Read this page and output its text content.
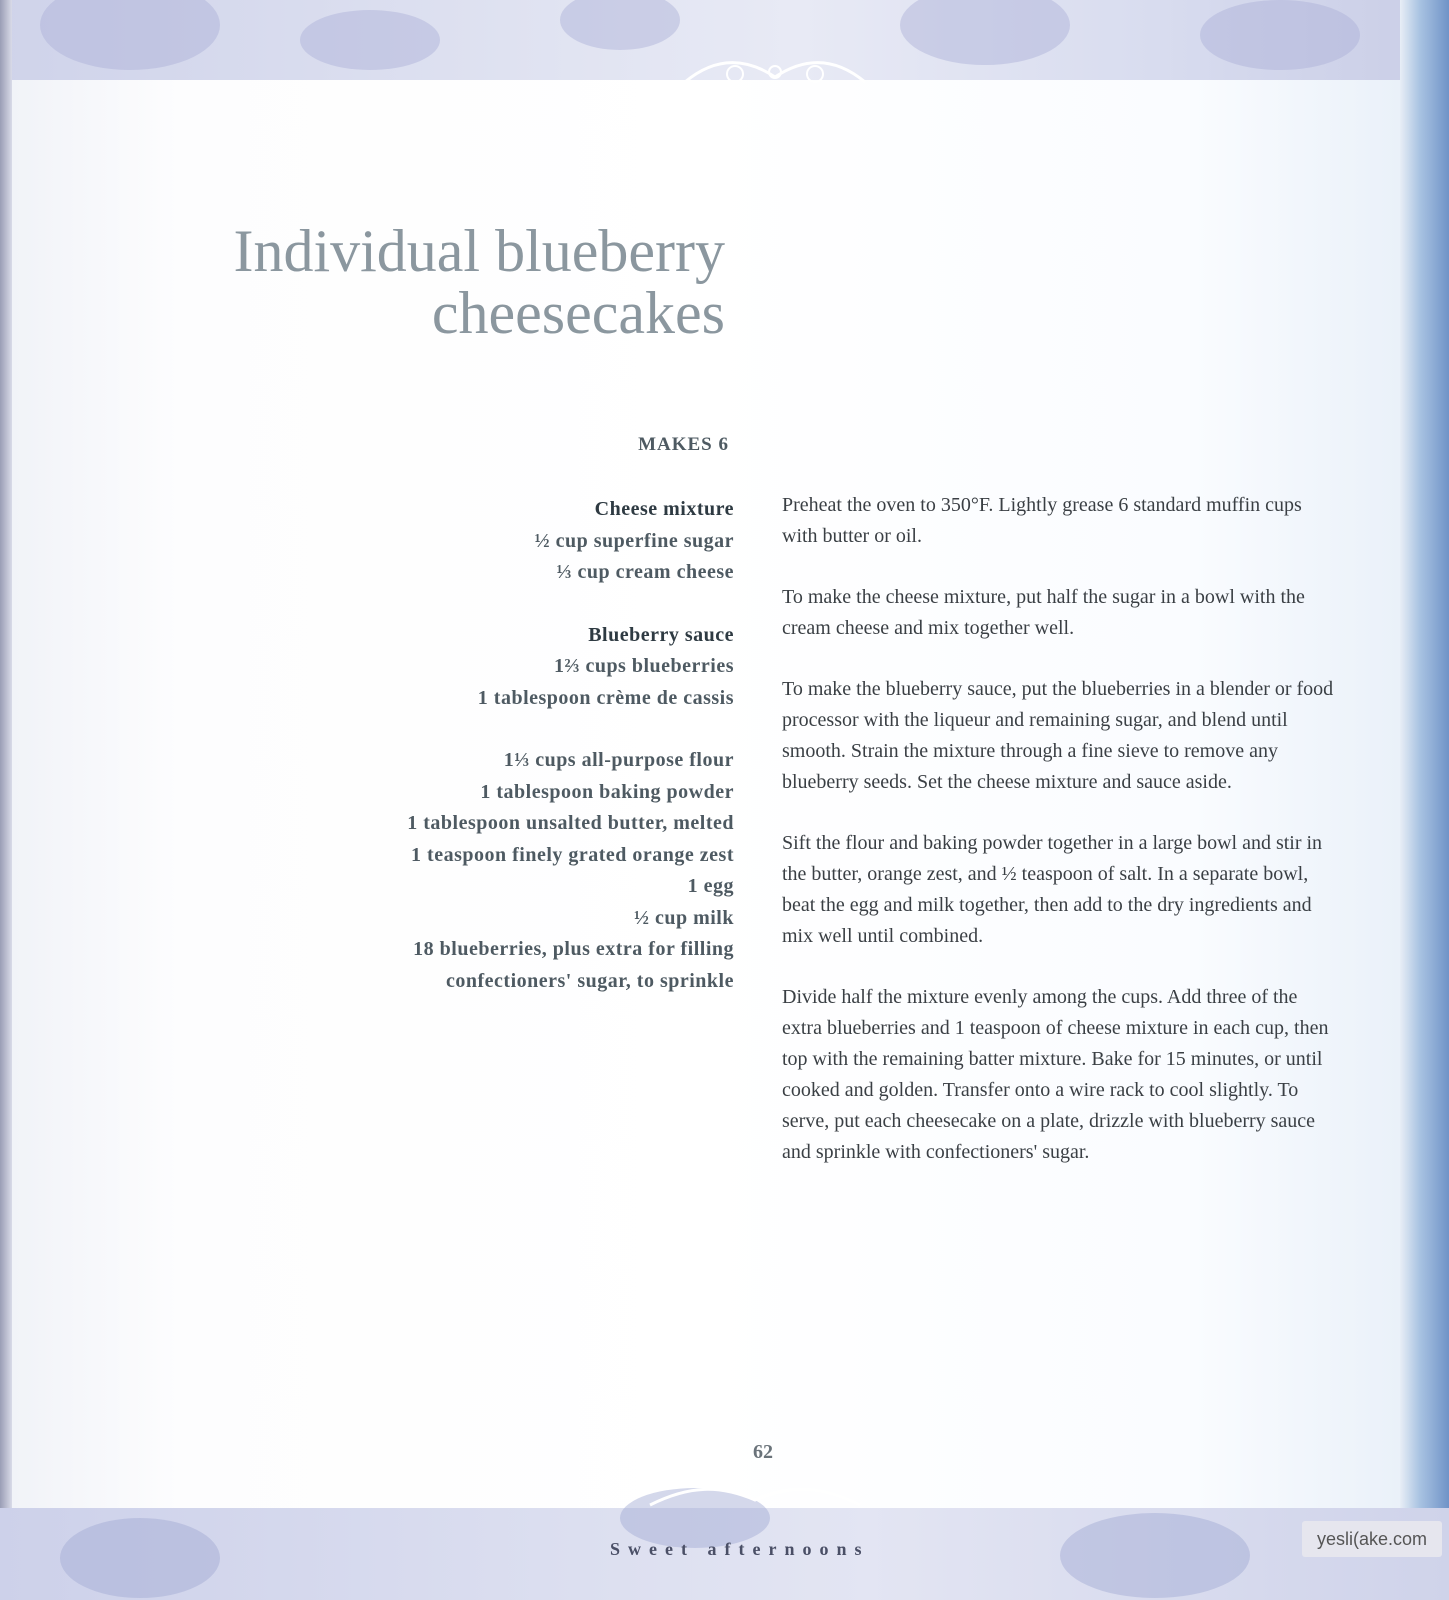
Individual blueberry
cheesecakes
MAKES 6
Cheese mixture
½ cup superfine sugar
⅓ cup cream cheese
Blueberry sauce
1⅔ cups blueberries
1 tablespoon crème de cassis
1⅓ cups all-purpose flour
1 tablespoon baking powder
1 tablespoon unsalted butter, melted
1 teaspoon finely grated orange zest
1 egg
½ cup milk
18 blueberries, plus extra for filling
confectioners' sugar, to sprinkle

Preheat the oven to 350°F. Lightly grease 6 standard muffin cups with butter or oil.

To make the cheese mixture, put half the sugar in a bowl with the cream cheese and mix together well.

To make the blueberry sauce, put the blueberries in a blender or food processor with the liqueur and remaining sugar, and blend until smooth. Strain the mixture through a fine sieve to remove any blueberry seeds. Set the cheese mixture and sauce aside.

Sift the flour and baking powder together in a large bowl and stir in the butter, orange zest, and ½ teaspoon of salt. In a separate bowl, beat the egg and milk together, then add to the dry ingredients and mix well until combined.

Divide half the mixture evenly among the cups. Add three of the extra blueberries and 1 teaspoon of cheese mixture in each cup, then top with the remaining batter mixture. Bake for 15 minutes, or until cooked and golden. Transfer onto a wire rack to cool slightly. To serve, put each cheesecake on a plate, drizzle with blueberry sauce and sprinkle with confectioners' sugar.

62
Sweet afternoons
yesli(ake.com
